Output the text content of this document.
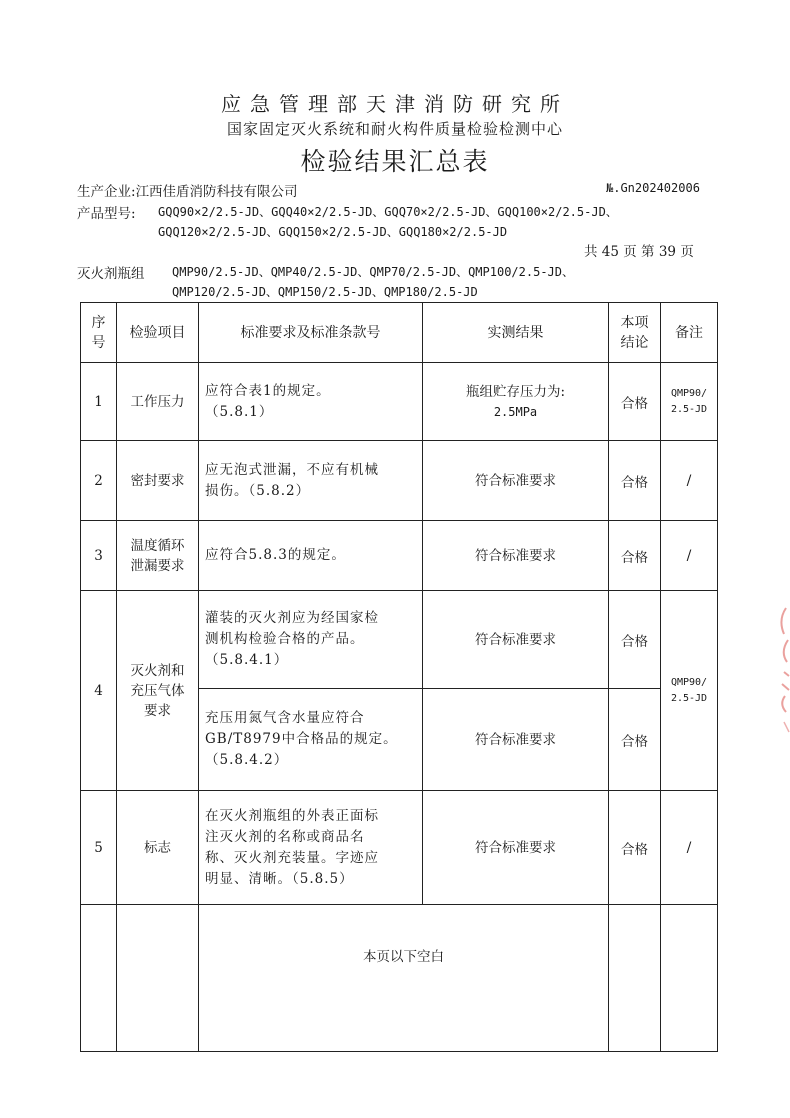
应急管理部天津消防研究所
国家固定灭火系统和耐火构件质量检验检测中心
检验结果汇总表
生产企业:江西佳盾消防科技有限公司	№.Gn202402006
产品型号: GQQ90×2/2.5-JD、GQQ40×2/2.5-JD、GQQ70×2/2.5-JD、GQQ100×2/2.5-JD、
GQQ120×2/2.5-JD、GQQ150×2/2.5-JD、GQQ180×2/2.5-JD
共 45 页 第 39 页
灭火剂瓶组 QMP90/2.5-JD、QMP40/2.5-JD、QMP70/2.5-JD、QMP100/2.5-JD、
QMP120/2.5-JD、QMP150/2.5-JD、QMP180/2.5-JD
序
号	检验项目	标准要求及标准条款号	实测结果	本项
结论	备注
1	工作压力	应符合表1的规定。
（5.8.1）	瓶组贮存压力为:
2.5MPa	合格	QMP90/
2.5-JD
2	密封要求	应无泡式泄漏，不应有机械
损伤。（5.8.2）	符合标准要求	合格	/
3	温度循环
泄漏要求	应符合5.8.3的规定。	符合标准要求	合格	/
4	灭火剂和
充压气体
要求	灌装的灭火剂应为经国家检
测机构检验合格的产品。
（5.8.4.1）	符合标准要求	合格	QMP90/
2.5-JD
		充压用氮气含水量应符合
GB/T8979中合格品的规定。
（5.8.4.2）	符合标准要求	合格	
5	标志	在灭火剂瓶组的外表正面标
注灭火剂的名称或商品名
称、灭火剂充装量。字迹应
明显、清晰。（5.8.5）	符合标准要求	合格	/
		本页以下空白			
